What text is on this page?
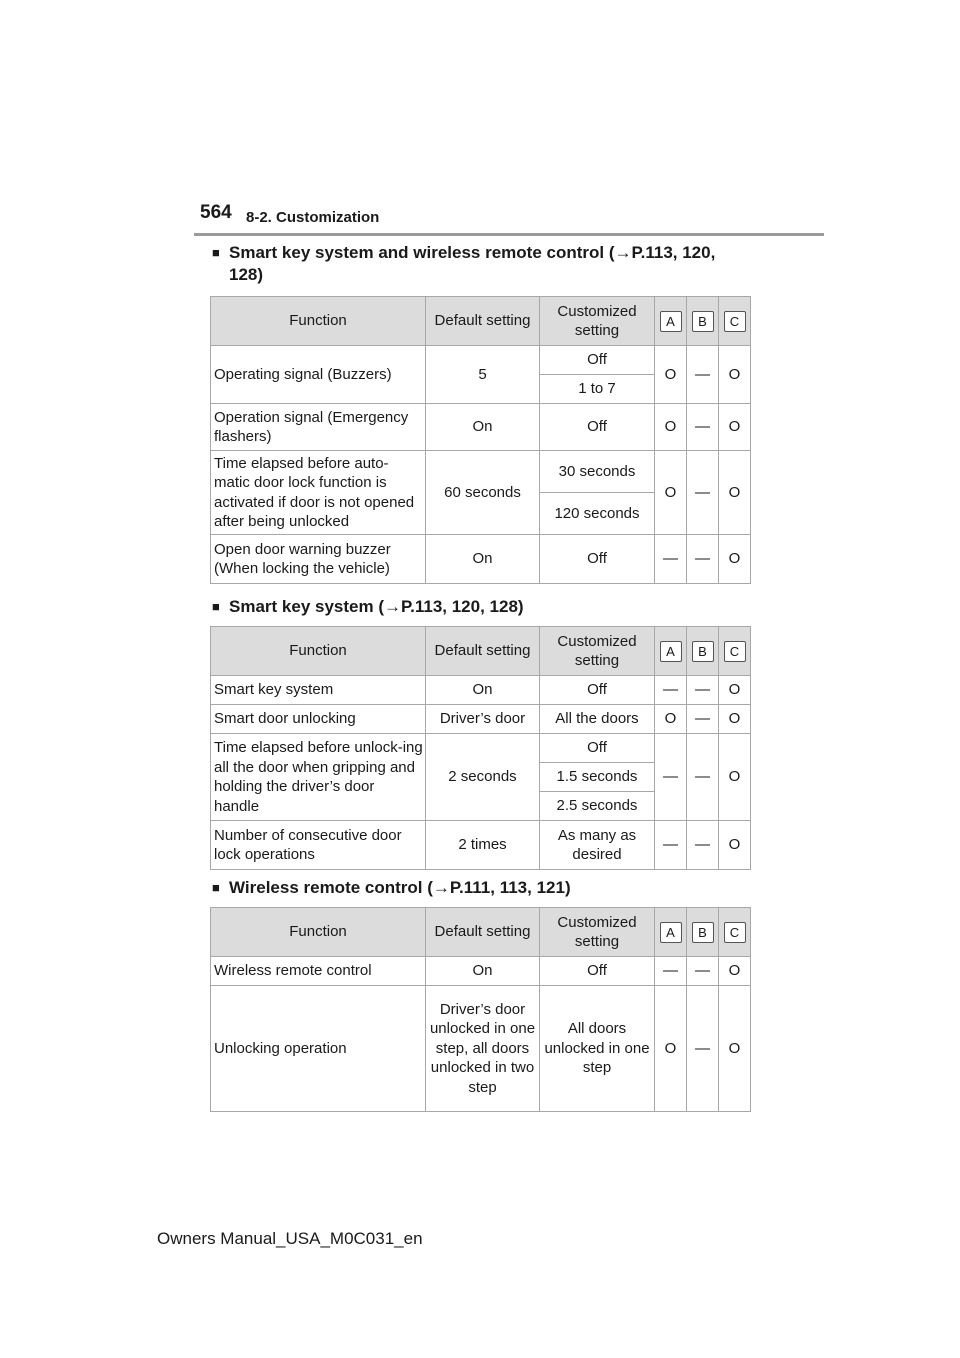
564 8-2. Customization
■ Smart key system and wireless remote control (→P.113, 120,
128)
Function	Default setting	Customized setting	A	B	C
Operating signal (Buzzers)	5	Off	O	—	O
		1 to 7			
Operation signal (Emergency flashers)	On	Off	O	—	O
Time elapsed before auto-matic door lock function is activated if door is not opened after being unlocked	60 seconds	30 seconds	O	—	O
		120 seconds			
Open door warning buzzer (When locking the vehicle)	On	Off	—	—	O
■ Smart key system (→P.113, 120, 128)
Function	Default setting	Customized setting	A	B	C
Smart key system	On	Off	—	—	O
Smart door unlocking	Driver’s door	All the doors	O	—	O
Time elapsed before unlock-ing all the door when gripping and holding the driver’s door handle	2 seconds	Off	—	—	O
		1.5 seconds			
		2.5 seconds			
Number of consecutive door lock operations	2 times	As many as desired	—	—	O
■ Wireless remote control (→P.111, 113, 121)
Function	Default setting	Customized setting	A	B	C
Wireless remote control	On	Off	—	—	O
Unlocking operation	Driver’s door unlocked in one step, all doors unlocked in two step	All doors unlocked in one step	O	—	O
Owners Manual_USA_M0C031_en
